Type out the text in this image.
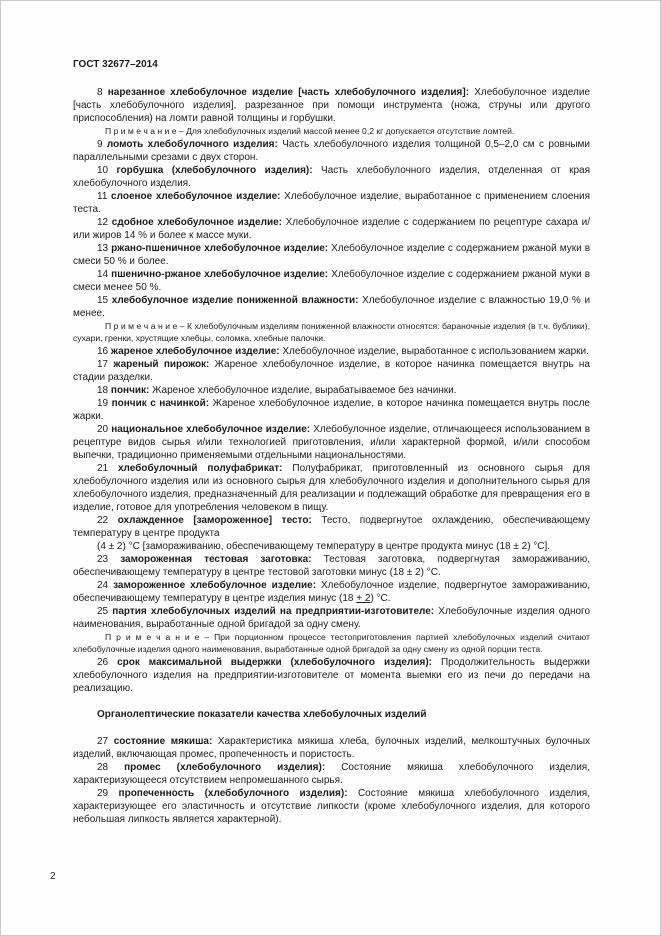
ГОСТ 32677–2014

8 нарезанное хлебобулочное изделие [часть хлебобулочного изделия]: Хлебобулочное изделие [часть хлебобулочного изделия], разрезанное при помощи инструмента (ножа, струны или другого приспособления) на ломти равной толщины и горбушки.

П р и м е ч а н и е – Для хлебобулочных изделий массой менее 0,2 кг допускается отсутствие ломтей.

9 ломоть хлебобулочного изделия: Часть хлебобулочного изделия толщиной 0,5–2,0 см с ровными параллельными срезами с двух сторон.

10 горбушка (хлебобулочного изделия): Часть хлебобулочного изделия, отделенная от края хлебобулочного изделия.

11 слоеное хлебобулочное изделие: Хлебобулочное изделие, выработанное с применением слоения теста.

12 сдобное хлебобулочное изделие: Хлебобулочное изделие с содержанием по рецептуре сахара и/или жиров 14 % и более к массе муки.

13 ржано-пшеничное хлебобулочное изделие: Хлебобулочное изделие с содержанием ржаной муки в смеси 50 % и более.

14 пшенично-ржаное хлебобулочное изделие: Хлебобулочное изделие с содержанием ржаной муки в смеси менее 50 %.

15 хлебобулочное изделие пониженной влажности: Хлебобулочное изделие с влажностью 19,0 % и менее.

П р и м е ч а н и е – К хлебобулочным изделиям пониженной влажности относятся: бараночные изделия (в т.ч. бублики), сухари, гренки, хрустящие хлебцы, соломка, хлебные палочки.

16 жареное хлебобулочное изделие: Хлебобулочное изделие, выработанное с использованием жарки.

17 жареный пирожок: Жареное хлебобулочное изделие, в которое начинка помещается внутрь на стадии разделки.

18 пончик: Жареное хлебобулочное изделие, вырабатываемое без начинки.

19 пончик с начинкой: Жареное хлебобулочное изделие, в которое начинка помещается внутрь после жарки.

20 национальное хлебобулочное изделие: Хлебобулочное изделие, отличающееся использованием в рецептуре видов сырья и/или технологией приготовления, и/или характерной формой, и/или способом выпечки, традиционно применяемыми отдельными национальностями.

21 хлебобулочный полуфабрикат: Полуфабрикат, приготовленный из основного сырья для хлебобулочного изделия или из основного сырья для хлебобулочного изделия и дополнительного сырья для хлебобулочного изделия, предназначенный для реализации и подлежащий обработке для превращения его в изделие, готовое для употребления человеком в пищу.

22 охлажденное [замороженное] тесто: Тесто, подвергнутое охлаждению, обеспечивающему температуру в центре продукта

(4 ± 2) °С [замораживанию, обеспечивающему температуру в центре продукта минус (18 ± 2) °С].

23 замороженная тестовая заготовка: Тестовая заготовка, подвергнутая замораживанию, обеспечивающему температуру в центре тестовой заготовки минус (18 ± 2) °С.

24 замороженное хлебобулочное изделие: Хлебобулочное изделие, подвергнутое замораживанию, обеспечивающему температуру в центре изделия минус (18 + 2) °С.

25 партия хлебобулочных изделий на предприятии-изготовителе: Хлебобулочные изделия одного наименования, выработанные одной бригадой за одну смену.

П р и м е ч а н и е – При порционном процессе тестоприготовления партией хлебобулочных изделий считают хлебобулочные изделия одного наименования, выработанные одной бригадой за одну смену из одной порции теста.

26 срок максимальной выдержки (хлебобулочного изделия): Продолжительность выдержки хлебобулочного изделия на предприятии-изготовителе от момента выемки его из печи до передачи на реализацию.

Органолептические показатели качества хлебобулочных изделий

27 состояние мякиша: Характеристика мякиша хлеба, булочных изделий, мелкоштучных булочных изделий, включающая промес, пропеченность и пористость.

28 промес (хлебобулочного изделия): Состояние мякиша хлебобулочного изделия, характеризующееся отсутствием непромешанного сырья.

29 пропеченность (хлебобулочного изделия): Состояние мякиша хлебобулочного изделия, характеризующее его эластичность и отсутствие липкости (кроме хлебобулочного изделия, для которого небольшая липкость является характерной).

2
